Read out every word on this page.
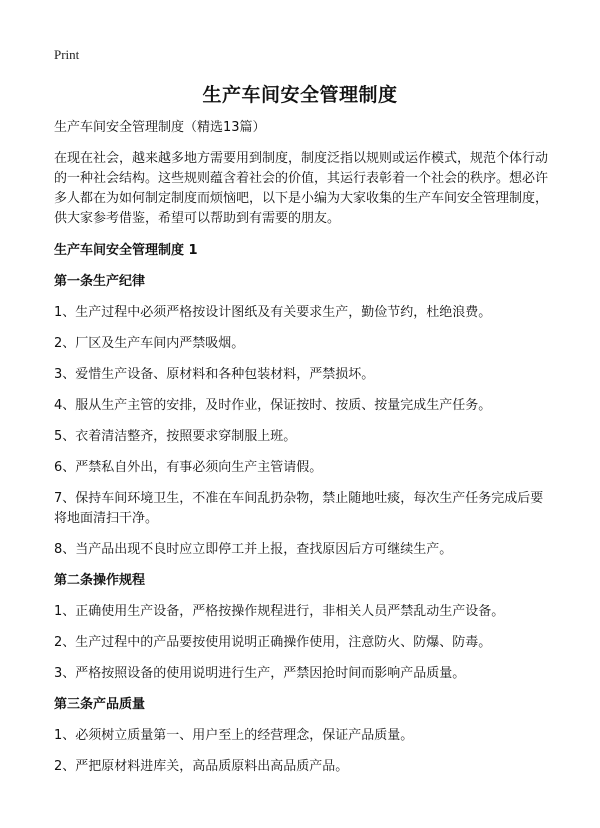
Print
生产车间安全管理制度

生产车间安全管理制度（精选13篇）

在现在社会，越来越多地方需要用到制度，制度泛指以规则或运作模式，规范个体行动的一种社会结构。这些规则蕴含着社会的价值，其运行表彰着一个社会的秩序。想必许多人都在为如何制定制度而烦恼吧，以下是小编为大家收集的生产车间安全管理制度，供大家参考借鉴，希望可以帮助到有需要的朋友。

生产车间安全管理制度 1

第一条生产纪律

1、生产过程中必须严格按设计图纸及有关要求生产，勤俭节约，杜绝浪费。

2、厂区及生产车间内严禁吸烟。

3、爱惜生产设备、原材料和各种包装材料，严禁损坏。

4、服从生产主管的安排，及时作业，保证按时、按质、按量完成生产任务。

5、衣着清洁整齐，按照要求穿制服上班。

6、严禁私自外出，有事必须向生产主管请假。

7、保持车间环境卫生，不准在车间乱扔杂物，禁止随地吐痰，每次生产任务完成后要将地面清扫干净。

8、当产品出现不良时应立即停工并上报，查找原因后方可继续生产。

第二条操作规程

1、正确使用生产设备，严格按操作规程进行，非相关人员严禁乱动生产设备。

2、生产过程中的产品要按使用说明正确操作使用，注意防火、防爆、防毒。

3、严格按照设备的使用说明进行生产，严禁因抢时间而影响产品质量。

第三条产品质量

1、必须树立质量第一、用户至上的经营理念，保证产品质量。

2、严把原材料进库关，高品质原料出高品质产品。
